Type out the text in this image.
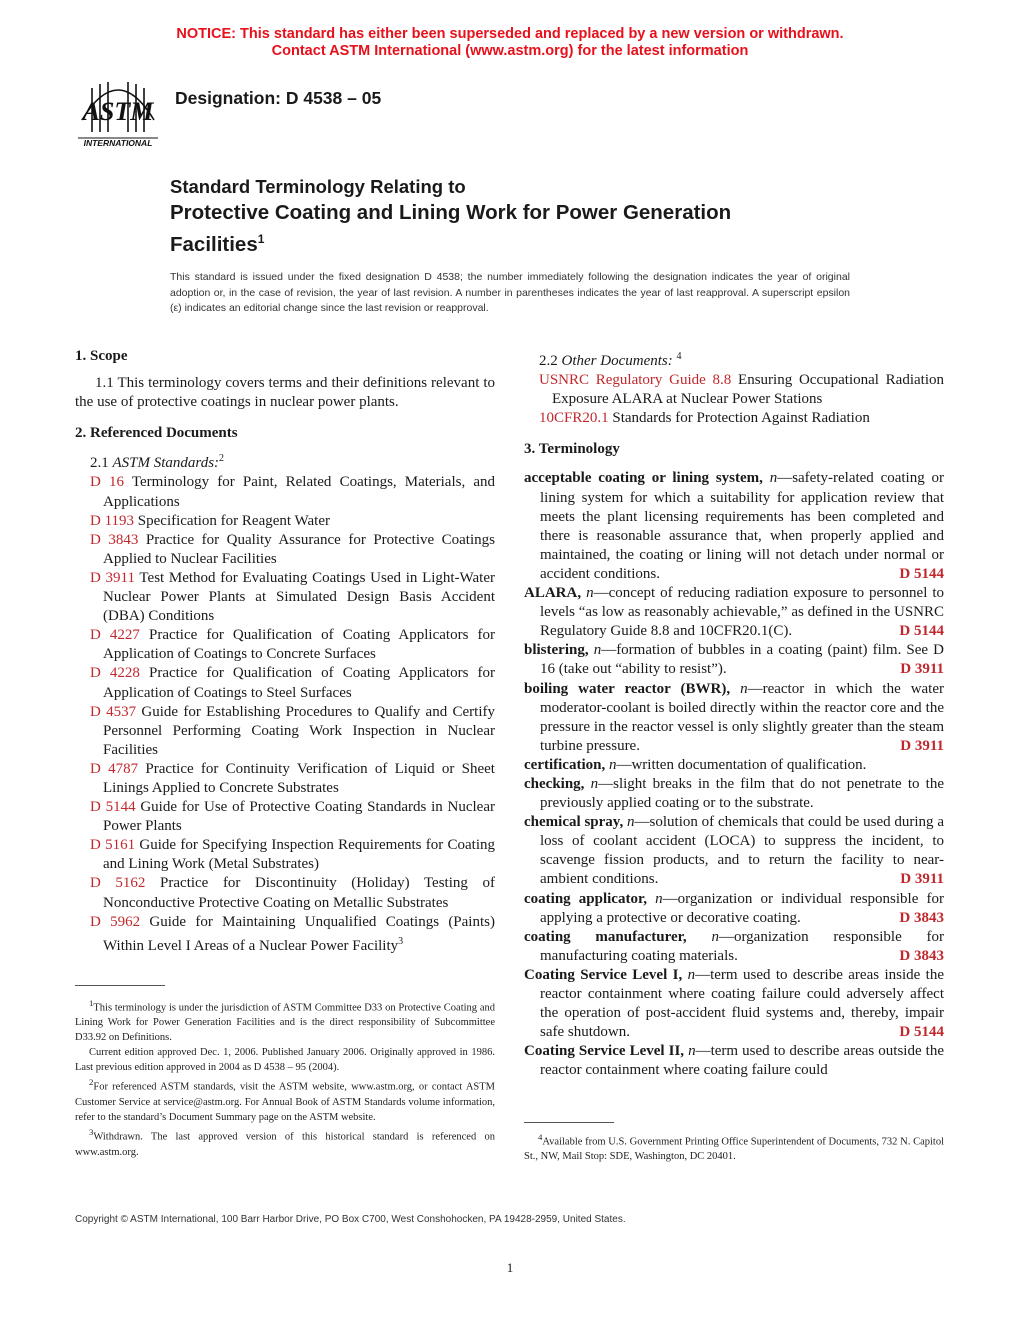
NOTICE: This standard has either been superseded and replaced by a new version or withdrawn.
Contact ASTM International (www.astm.org) for the latest information
ASTM
INTERNATIONAL
Designation: D 4538 – 05
Standard Terminology Relating to
Protective Coating and Lining Work for Power Generation
Facilities$^1$
This standard is issued under the fixed designation D 4538; the number immediately following the designation indicates the year of original adoption or, in the case of revision, the year of last revision. A number in parentheses indicates the year of last reapproval. A superscript epsilon (ε) indicates an editorial change since the last revision or reapproval.

1. Scope

1.1 This terminology covers terms and their definitions relevant to the use of protective coatings in nuclear power plants.

2. Referenced Documents

2.1 ASTM Standards:$^2$

D 16 Terminology for Paint, Related Coatings, Materials, and Applications

D 1193 Specification for Reagent Water

D 3843 Practice for Quality Assurance for Protective Coatings Applied to Nuclear Facilities

D 3911 Test Method for Evaluating Coatings Used in Light-Water Nuclear Power Plants at Simulated Design Basis Accident (DBA) Conditions

D 4227 Practice for Qualification of Coating Applicators for Application of Coatings to Concrete Surfaces

D 4228 Practice for Qualification of Coating Applicators for Application of Coatings to Steel Surfaces

D 4537 Guide for Establishing Procedures to Qualify and Certify Personnel Performing Coating Work Inspection in Nuclear Facilities

D 4787 Practice for Continuity Verification of Liquid or Sheet Linings Applied to Concrete Substrates

D 5144 Guide for Use of Protective Coating Standards in Nuclear Power Plants

D 5161 Guide for Specifying Inspection Requirements for Coating and Lining Work (Metal Substrates)

D 5162 Practice for Discontinuity (Holiday) Testing of Nonconductive Protective Coating on Metallic Substrates

D 5962 Guide for Maintaining Unqualified Coatings (Paints) Within Level I Areas of a Nuclear Power Facility$^3$

2.2 Other Documents: $^4$

USNRC Regulatory Guide 8.8 Ensuring Occupational Radiation Exposure ALARA at Nuclear Power Stations

10CFR20.1 Standards for Protection Against Radiation

3. Terminology

acceptable coating or lining system, n—safety-related coating or lining system for which a suitability for application review that meets the plant licensing requirements has been completed and there is reasonable assurance that, when properly applied and maintained, the coating or lining will not detach under normal or accident conditions.	D 5144

ALARA, n—concept of reducing radiation exposure to personnel to levels “as low as reasonably achievable,” as defined in the USNRC Regulatory Guide 8.8 and 10CFR20.1(C).	D 5144

blistering, n—formation of bubbles in a coating (paint) film. See D 16 (take out “ability to resist”).	D 3911

boiling water reactor (BWR), n—reactor in which the water moderator-coolant is boiled directly within the reactor core and the pressure in the reactor vessel is only slightly greater than the steam turbine pressure.	D 3911

certification, n—written documentation of qualification.

checking, n—slight breaks in the film that do not penetrate to the previously applied coating or to the substrate.

chemical spray, n—solution of chemicals that could be used during a loss of coolant accident (LOCA) to suppress the incident, to scavenge fission products, and to return the facility to near-ambient conditions.	D 3911

coating applicator, n—organization or individual responsible for applying a protective or decorative coating.	D 3843

coating manufacturer, n—organization responsible for manufacturing coating materials.	D 3843

Coating Service Level I, n—term used to describe areas inside the reactor containment where coating failure could adversely affect the operation of post-accident fluid systems and, thereby, impair safe shutdown.	D 5144

Coating Service Level II, n—term used to describe areas outside the reactor containment where coating failure could

$^1$This terminology is under the jurisdiction of ASTM Committee D33 on Protective Coating and Lining Work for Power Generation Facilities and is the direct responsibility of Subcommittee D33.92 on Definitions.

Current edition approved Dec. 1, 2006. Published January 2006. Originally approved in 1986. Last previous edition approved in 2004 as D 4538 – 95 (2004).

$^2$For referenced ASTM standards, visit the ASTM website, www.astm.org, or contact ASTM Customer Service at service@astm.org. For Annual Book of ASTM Standards volume information, refer to the standard’s Document Summary page on the ASTM website.

$^3$Withdrawn. The last approved version of this historical standard is referenced on www.astm.org.

$^4$Available from U.S. Government Printing Office Superintendent of Documents, 732 N. Capitol St., NW, Mail Stop: SDE, Washington, DC 20401.

Copyright © ASTM International, 100 Barr Harbor Drive, PO Box C700, West Conshohocken, PA 19428-2959, United States.
1
